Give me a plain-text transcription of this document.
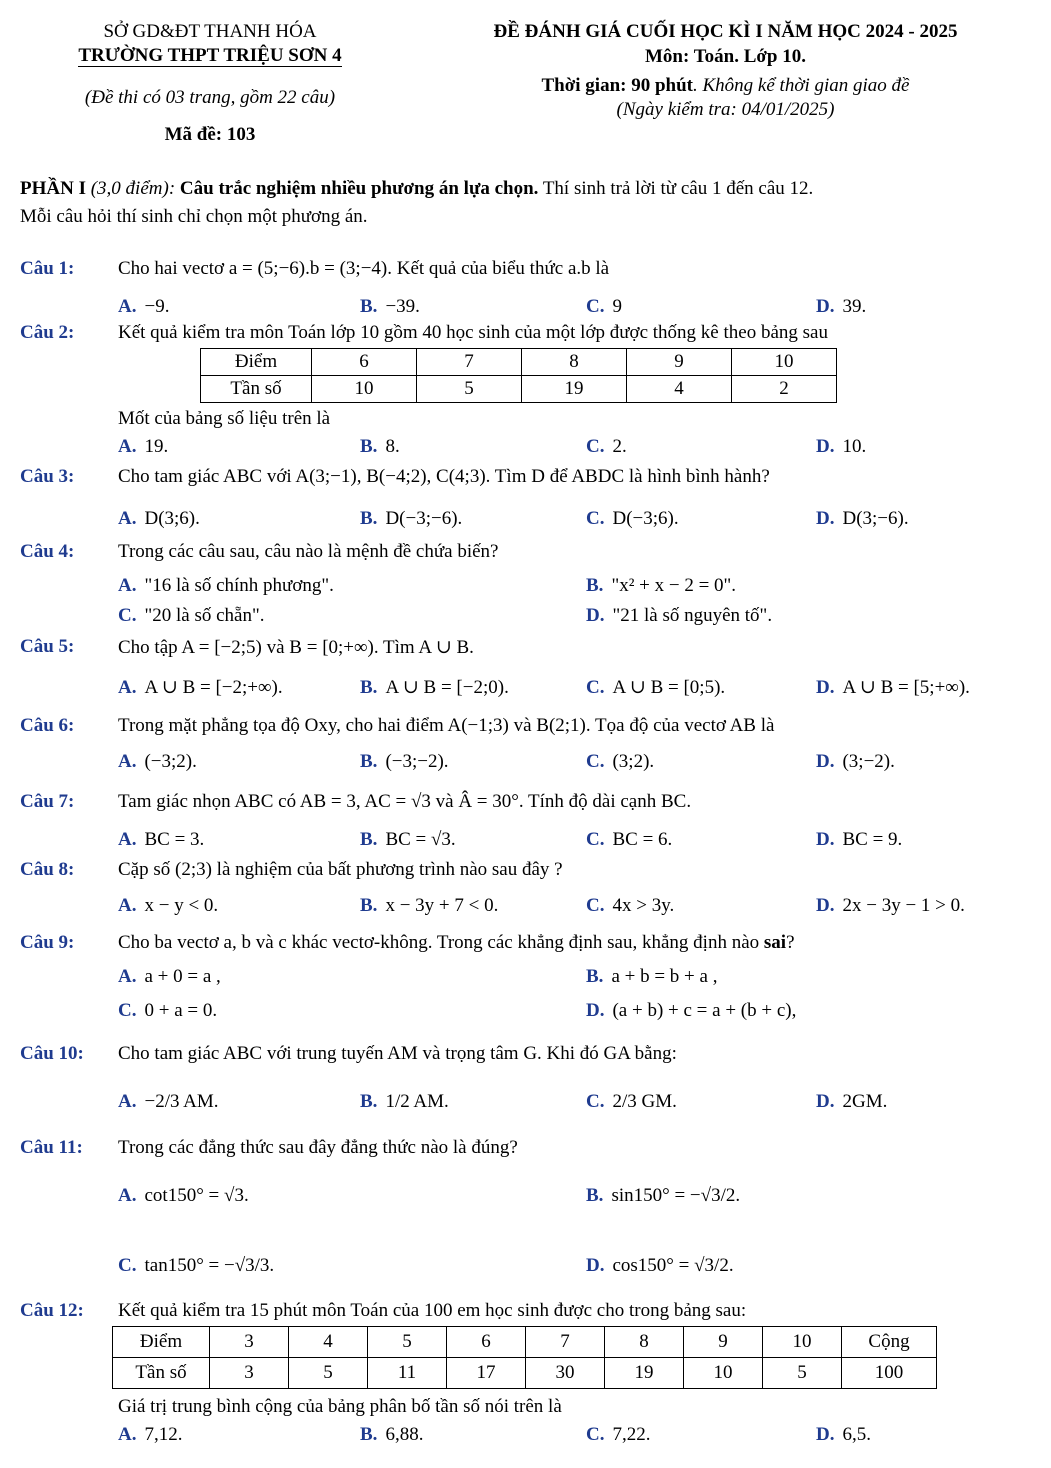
SỞ GD&ĐT THANH HÓA
TRƯỜNG THPT TRIỆU SƠN 4
(Đề thi có 03 trang, gồm 22 câu)
Mã đề: 103
ĐỀ ĐÁNH GIÁ CUỐI HỌC KÌ I NĂM HỌC 2024 - 2025
Môn: Toán. Lớp 10.
Thời gian: 90 phút. Không kể thời gian giao đề
(Ngày kiểm tra: 04/01/2025)
PHẦN I (3,0 điểm): Câu trắc nghiệm nhiều phương án lựa chọn. Thí sinh trả lời từ câu 1 đến câu 12.
Mỗi câu hỏi thí sinh chỉ chọn một phương án.
Câu 1: Cho hai vectơ a = (5;−6).b = (3;−4). Kết quả của biểu thức a.b là
A. −9.	B. −39.	C. 9	D. 39.
Câu 2: Kết quả kiểm tra môn Toán lớp 10 gồm 40 học sinh của một lớp được thống kê theo bảng sau
Điểm	6	7	8	9	10
Tần số	10	5	19	4	2
Mốt của bảng số liệu trên là
A. 19.	B. 8.	C. 2.	D. 10.
Câu 3: Cho tam giác ABC với A(3;−1), B(−4;2), C(4;3). Tìm D để ABDC là hình bình hành?
A. D(3;6).	B. D(−3;−6).	C. D(−3;6).	D. D(3;−6).
Câu 4: Trong các câu sau, câu nào là mệnh đề chứa biến?
A. "16 là số chính phương".	B. "x² + x − 2 = 0".
C. "20 là số chẵn".	D. "21 là số nguyên tố".
Câu 5: Cho tập A = [−2;5) và B = [0;+∞). Tìm A ∪ B.
A. A ∪ B = [−2;+∞).	B. A ∪ B = [−2;0).	C. A ∪ B = [0;5).	D. A ∪ B = [5;+∞).
Câu 6: Trong mặt phẳng tọa độ Oxy, cho hai điểm A(−1;3) và B(2;1). Tọa độ của vectơ AB là
A. (−3;2).	B. (−3;−2).	C. (3;2).	D. (3;−2).
Câu 7: Tam giác nhọn ABC có AB = 3, AC = √3 và Â = 30°. Tính độ dài cạnh BC.
A. BC = 3.	B. BC = √3.	C. BC = 6.	D. BC = 9.
Câu 8: Cặp số (2;3) là nghiệm của bất phương trình nào sau đây ?
A. x − y < 0.	B. x − 3y + 7 < 0.	C. 4x > 3y.	D. 2x − 3y − 1 > 0.
Câu 9: Cho ba vectơ a, b và c khác vectơ-không. Trong các khẳng định sau, khẳng định nào sai?
A. a + 0 = a ,	B. a + b = b + a ,
C. 0 + a = 0.	D. (a + b) + c = a + (b + c),
Câu 10: Cho tam giác ABC với trung tuyến AM và trọng tâm G. Khi đó GA bằng:
A. −2/3 AM.	B. 1/2 AM.	C. 2/3 GM.	D. 2GM.
Câu 11: Trong các đẳng thức sau đây đẳng thức nào là đúng?
A. cot150° = √3.	B. sin150° = −√3/2.
C. tan150° = −√3/3.	D. cos150° = √3/2.
Câu 12: Kết quả kiểm tra 15 phút môn Toán của 100 em học sinh được cho trong bảng sau:
Điểm	3	4	5	6	7	8	9	10	Cộng
Tần số	3	5	11	17	30	19	10	5	100
Giá trị trung bình cộng của bảng phân bố tần số nói trên là
A. 7,12.	B. 6,88.	C. 7,22.	D. 6,5.
